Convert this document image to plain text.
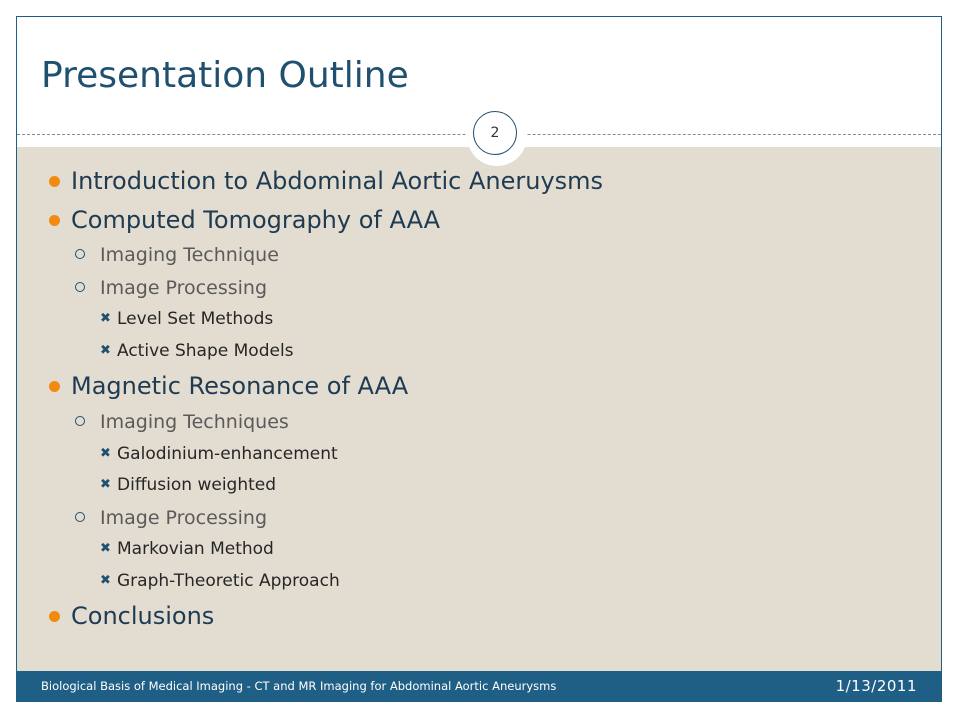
Presentation Outline
2
Introduction to Abdominal Aortic Aneruysms
Computed Tomography of AAA
Imaging Technique
Image Processing
✖ Level Set Methods
✖ Active Shape Models
Magnetic Resonance of AAA
Imaging Techniques
✖ Galodinium-enhancement
✖ Diffusion weighted
Image Processing
✖ Markovian Method
✖ Graph-Theoretic Approach
Conclusions
Biological Basis of Medical Imaging - CT and MR Imaging for Abdominal Aortic Aneurysms	1/13/2011
